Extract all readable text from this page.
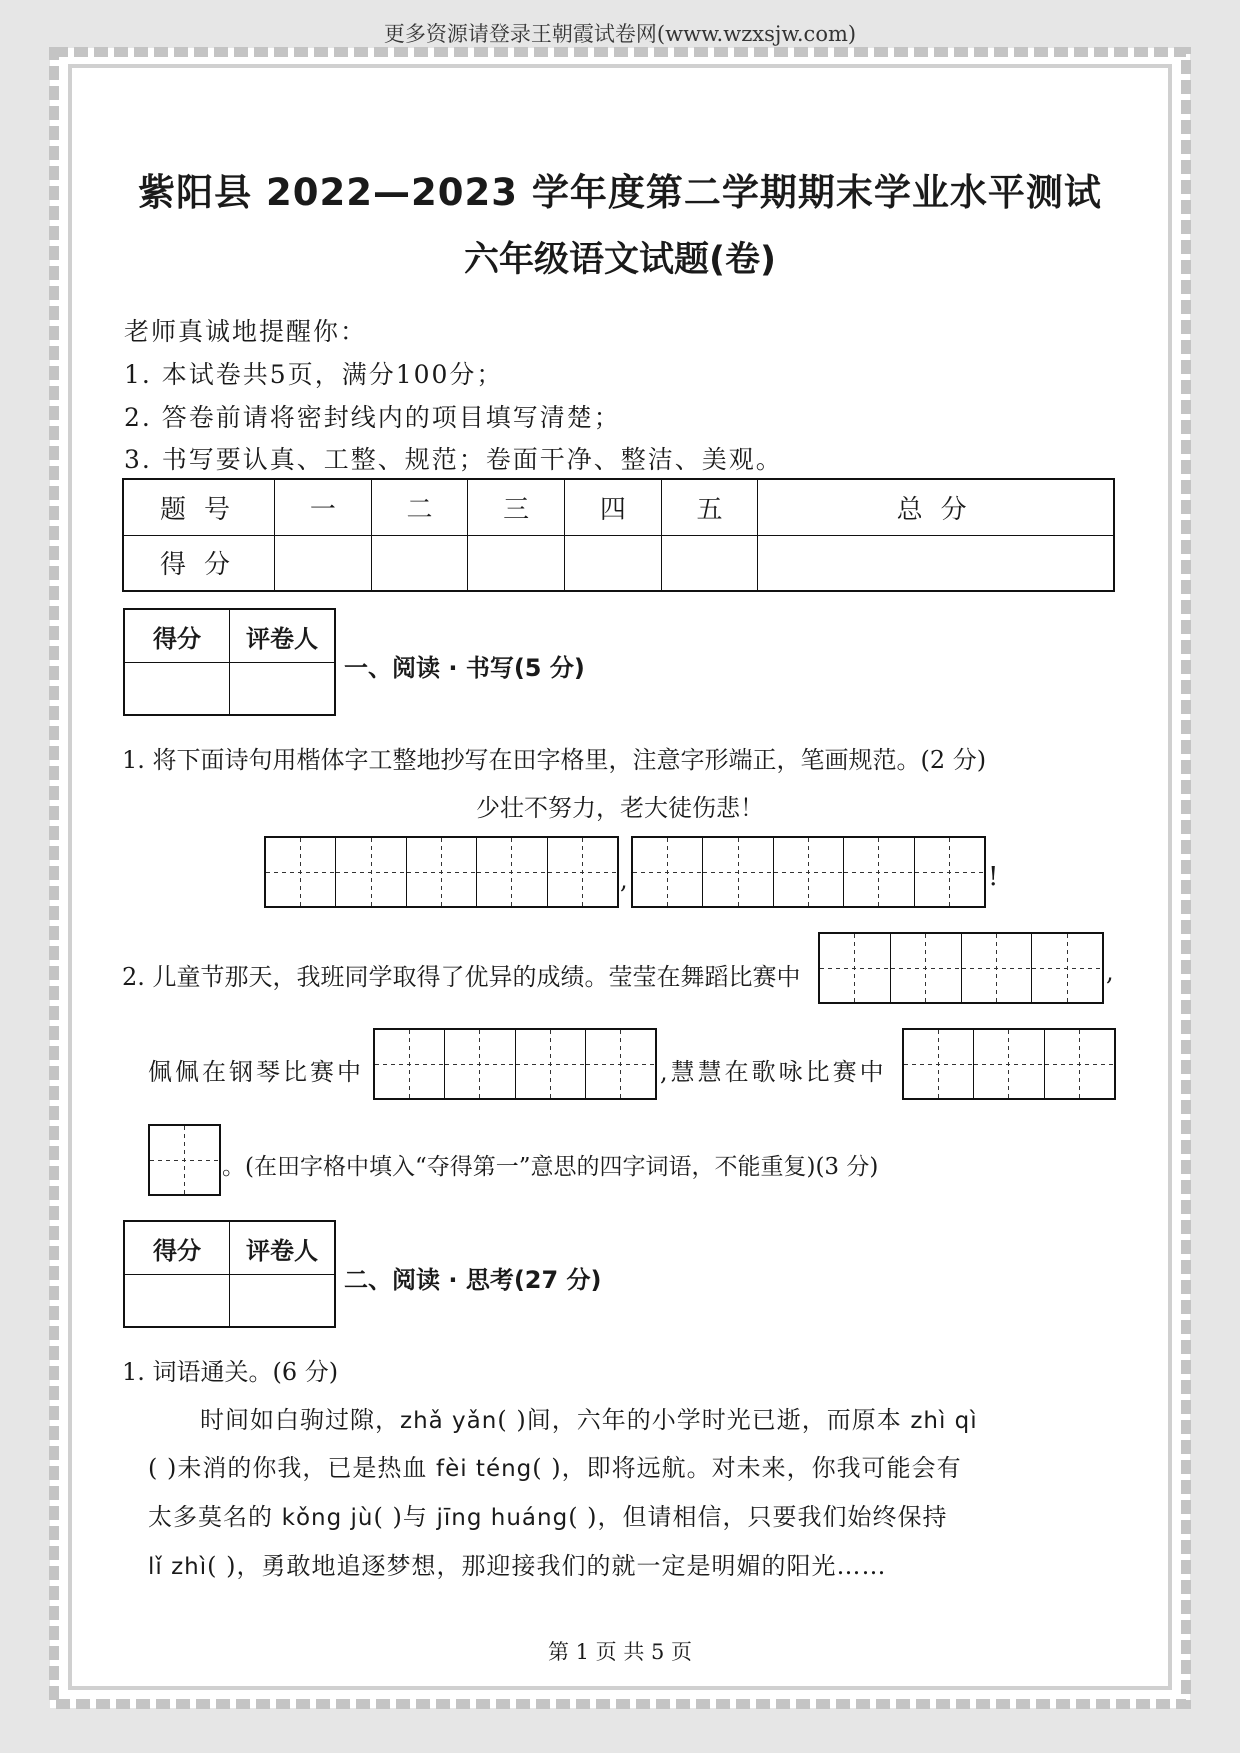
更多资源请登录王朝霞试卷网(www.wzxsjw.com)
紫阳县 2022—2023 学年度第二学期期末学业水平测试
六年级语文试题(卷)
老师真诚地提醒你：
1. 本试卷共5页，满分100分；
2. 答卷前请将密封线内的项目填写清楚；
3. 书写要认真、工整、规范；卷面干净、整洁、美观。
题号	一	二	三	四	五	总分
得分						
得分	评卷人

一、阅读 · 书写(5 分)
1. 将下面诗句用楷体字工整地抄写在田字格里，注意字形端正，笔画规范。(2 分)
少壮不努力，老大徒伤悲！
,	!
2. 儿童节那天，我班同学取得了优异的成绩。莹莹在舞蹈比赛中	,
佩佩在钢琴比赛中	,慧慧在歌咏比赛中
。(在田字格中填入“夺得第一”意思的四字词语，不能重复)(3 分)
得分	评卷人

二、阅读 · 思考(27 分)
1. 词语通关。(6 分)
时间如白驹过隙，zhǎ yǎn( )间，六年的小学时光已逝，而原本 zhì qì
( )未消的你我，已是热血 fèi téng( )，即将远航。对未来，你我可能会有
太多莫名的 kǒng jù( )与 jīng huáng( )，但请相信，只要我们始终保持
lǐ zhì( )，勇敢地追逐梦想，那迎接我们的就一定是明媚的阳光……
第 1 页 共 5 页
